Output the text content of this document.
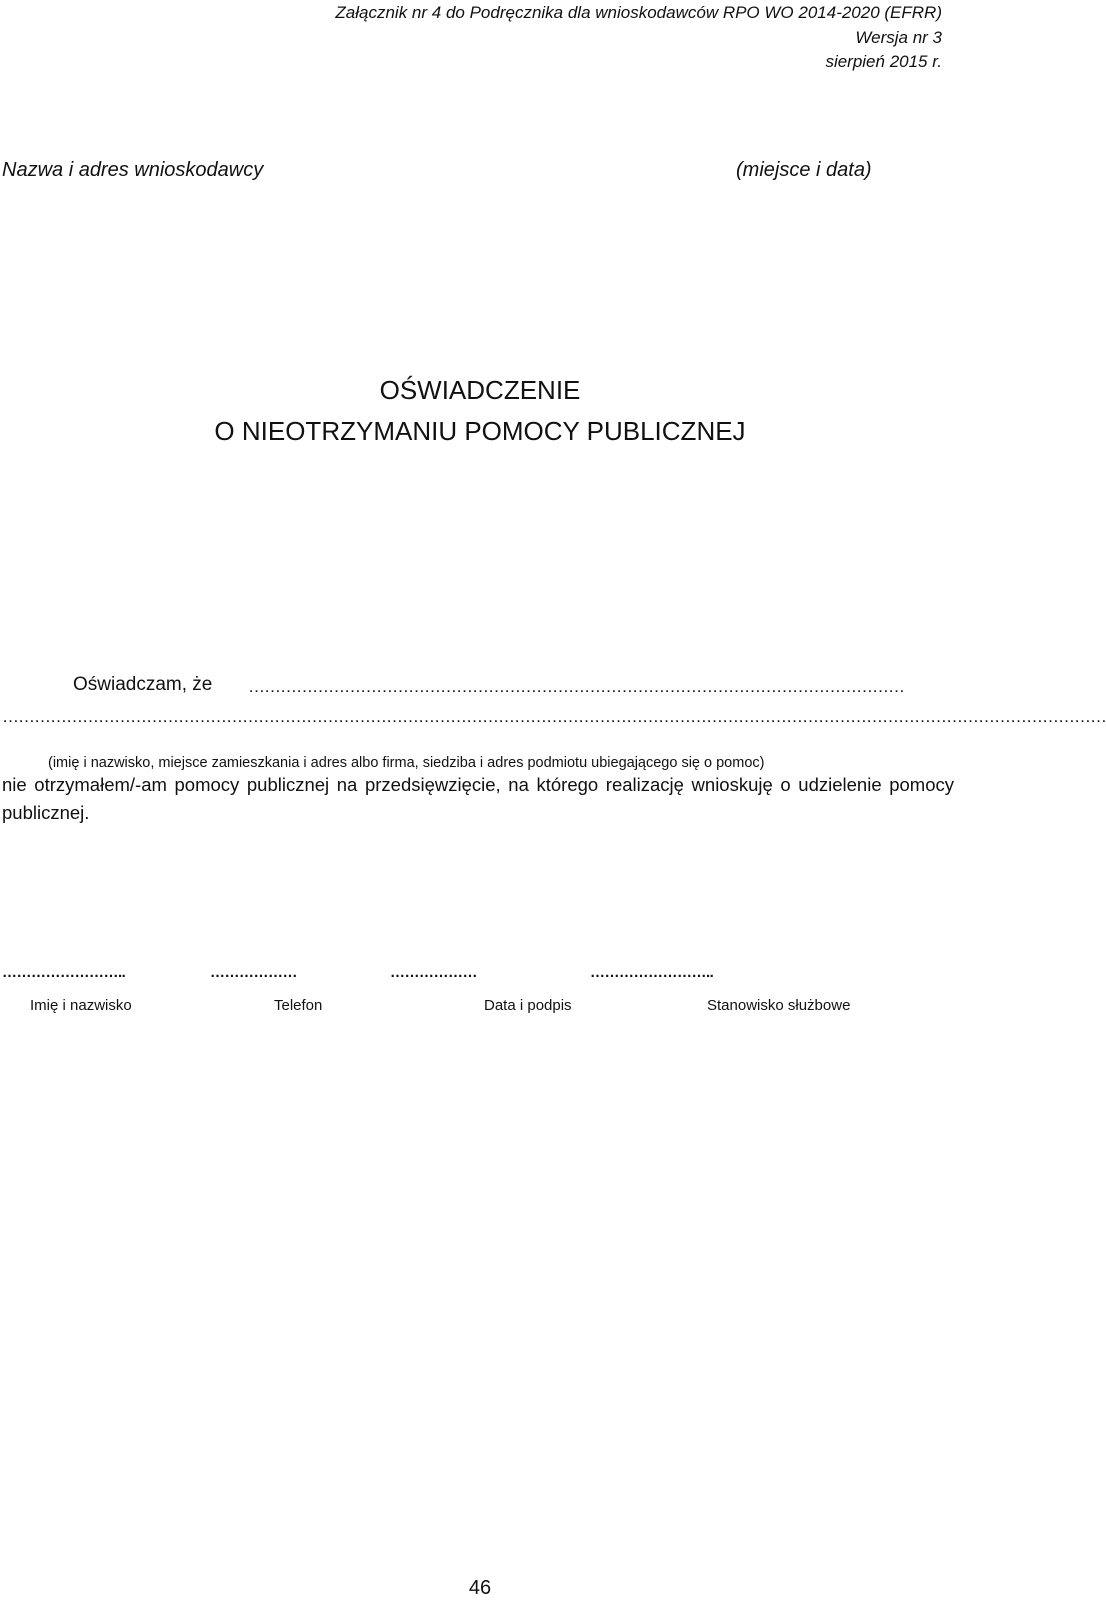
Załącznik nr 4 do Podręcznika dla wnioskodawców RPO WO 2014-2020 (EFRR)
Wersja nr 3
sierpień 2015 r.
Nazwa i adres wnioskodawcy	(miejsce i data)
OŚWIADCZENIE
O NIEOTRZYMANIU POMOCY PUBLICZNEJ
Oświadczam, że ……………………………………………………………………………………………………………
………………………………………………………………………………………………………………………………………………………………………………………
(imię i nazwisko, miejsce zamieszkania i adres albo firma, siedziba i adres podmiotu ubiegającego się o pomoc)
nie otrzymałem/-am pomocy publicznej na przedsięwzięcie, na którego realizację wnioskuję o udzielenie pomocy publicznej.
……………………..	………………	………………	……………………..
Imię i nazwisko	Telefon	Data i podpis	Stanowisko służbowe
46
